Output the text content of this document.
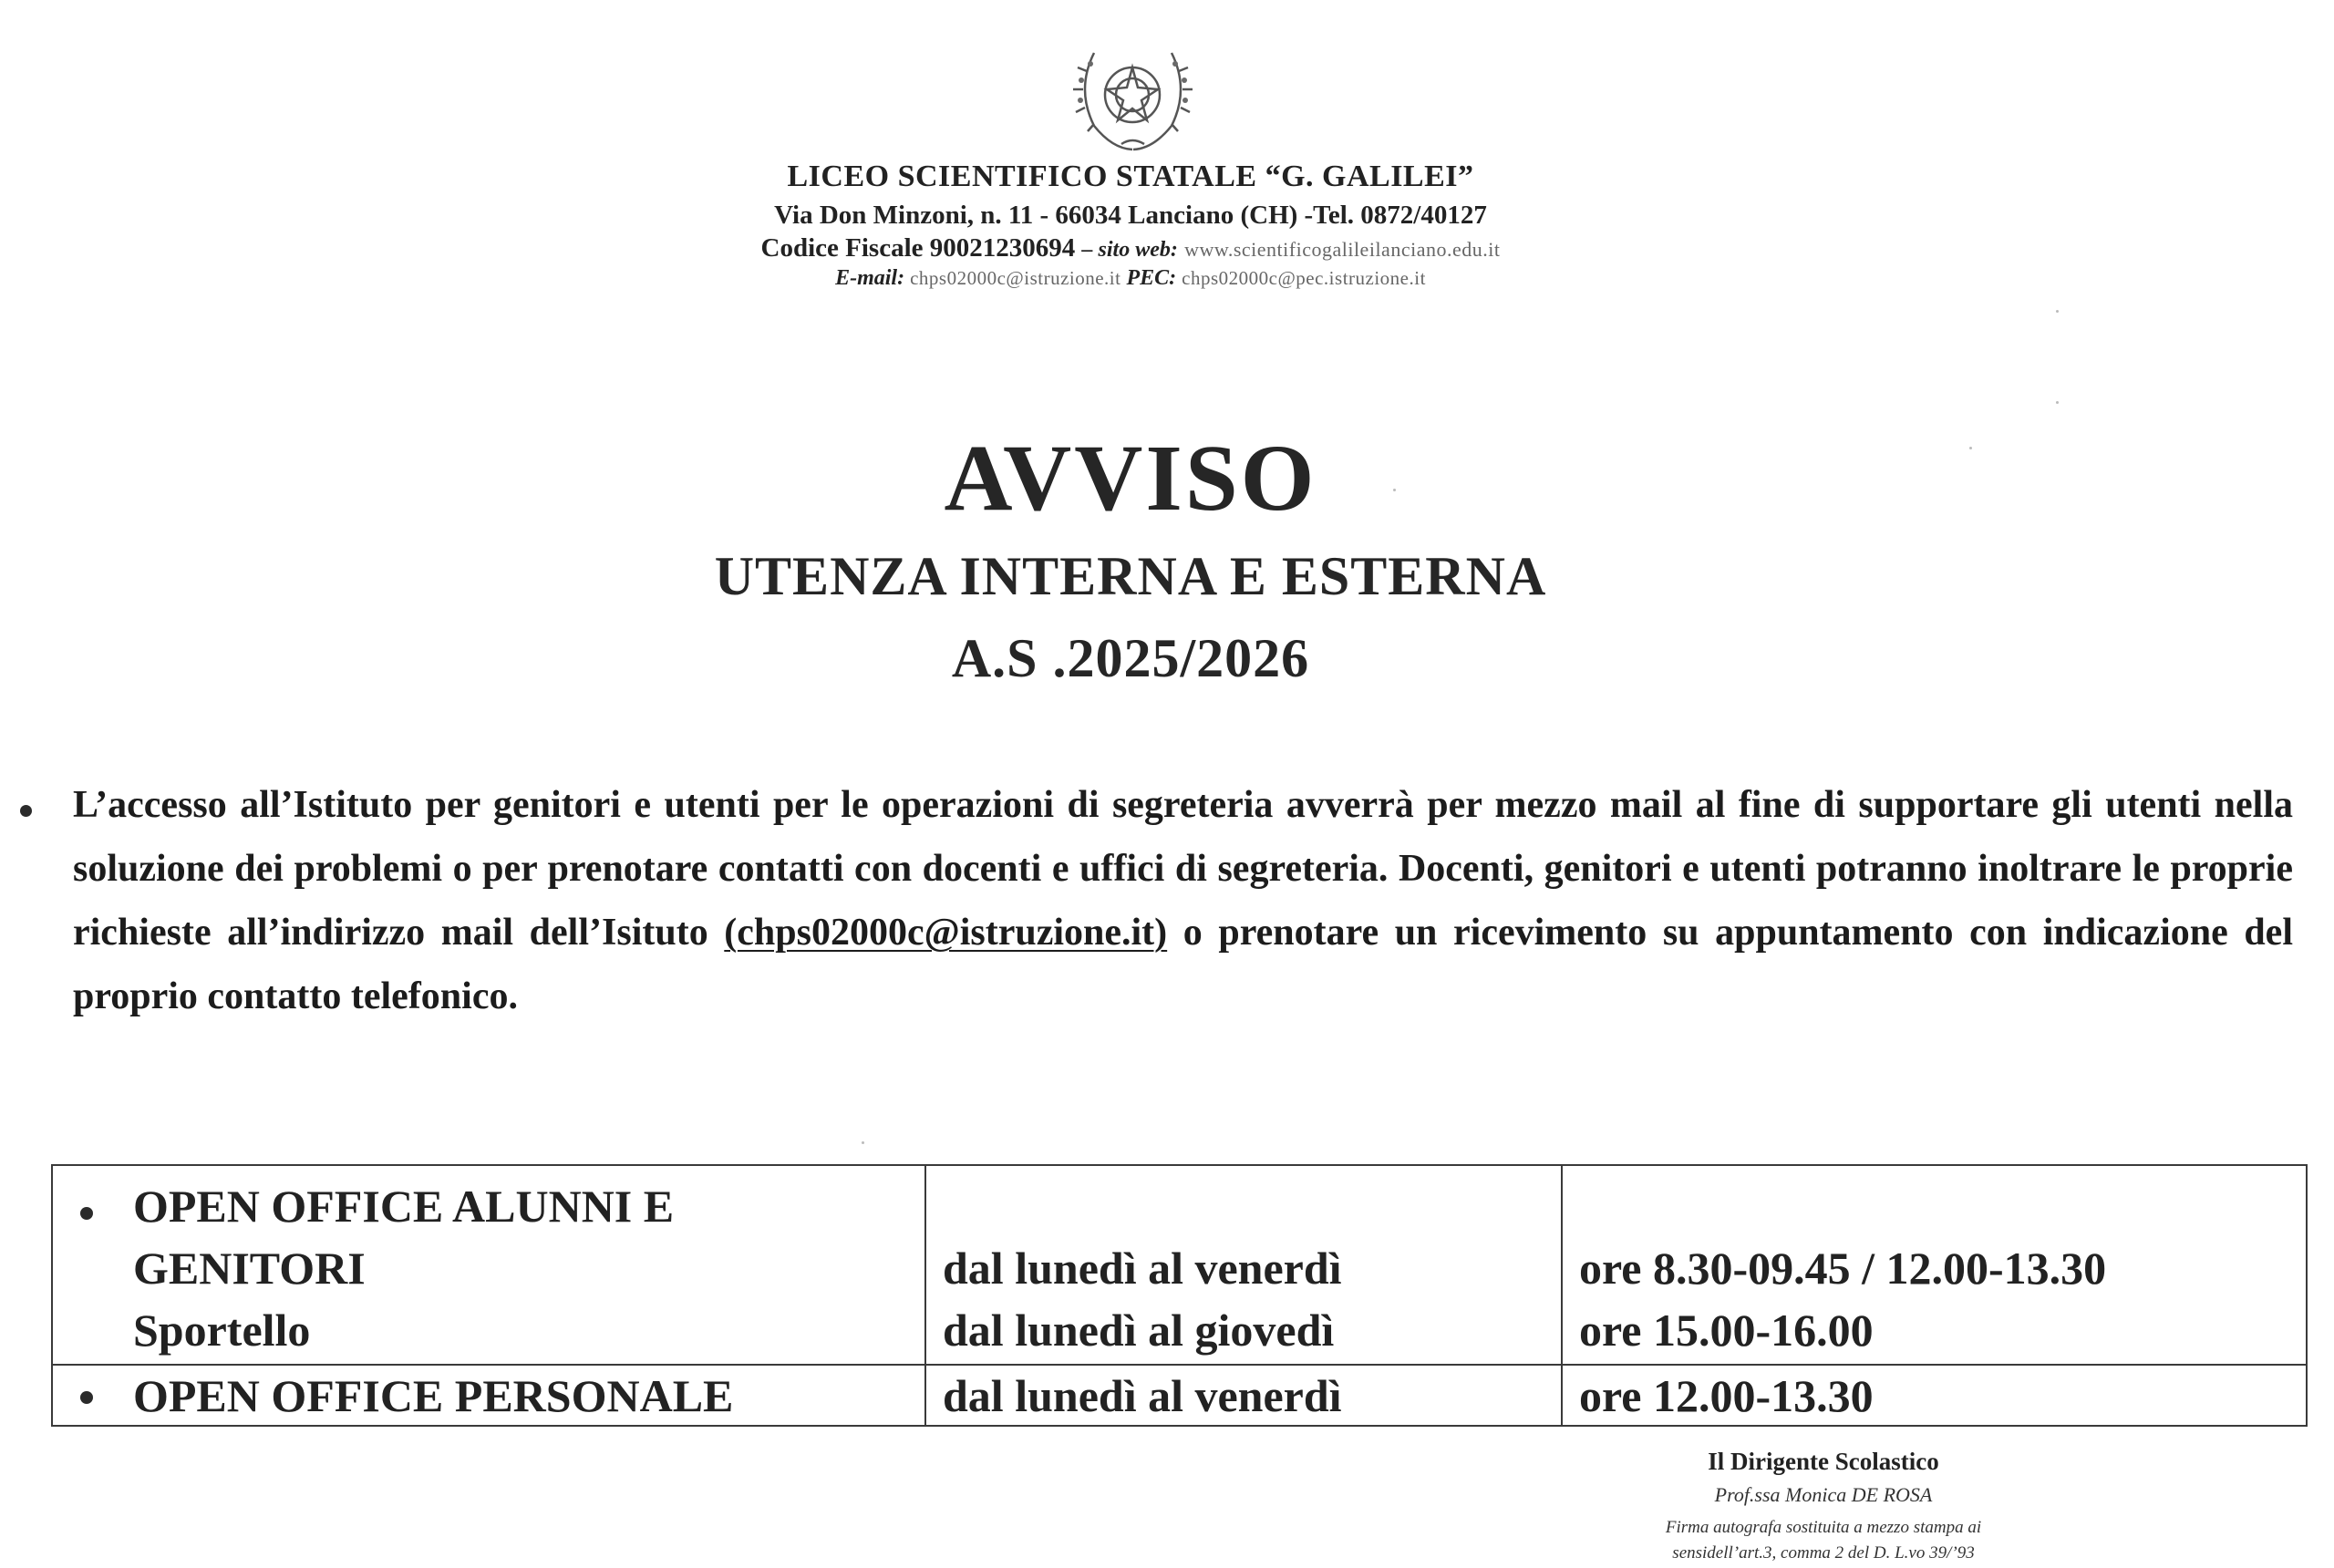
LICEO SCIENTIFICO STATALE “G. GALILEI”
Via Don Minzoni, n. 11 - 66034 Lanciano (CH) -Tel. 0872/40127
Codice Fiscale 90021230694 – sito web: www.scientificogalileilanciano.edu.it
E-mail: chps02000c@istruzione.it PEC: chps02000c@pec.istruzione.it
AVVISO
UTENZA INTERNA E ESTERNA
A.S .2025/2026
L’accesso all’Istituto per genitori e utenti per le operazioni di segreteria avverrà per mezzo mail al fine di supportare gli utenti nella soluzione dei problemi o per prenotare contatti con docenti e uffici di segreteria. Docenti, genitori e utenti potranno inoltrare le proprie richieste all’indirizzo mail dell’Isituto (chps02000c@istruzione.it) o prenotare un ricevimento su appuntamento con indicazione del proprio contatto telefonico.
OPEN OFFICE ALUNNI E
GENITORI
Sportello
dal lunedì al venerdì
dal lunedì al giovedì
ore 8.30-09.45 / 12.00-13.30
ore 15.00-16.00
OPEN OFFICE PERSONALE	dal lunedì al venerdì	ore 12.00-13.30
Il Dirigente Scolastico
Prof.ssa Monica DE ROSA
Firma autografa sostituita a mezzo stampa ai
sensidell’art.3, comma 2 del D. L.vo 39/’93
